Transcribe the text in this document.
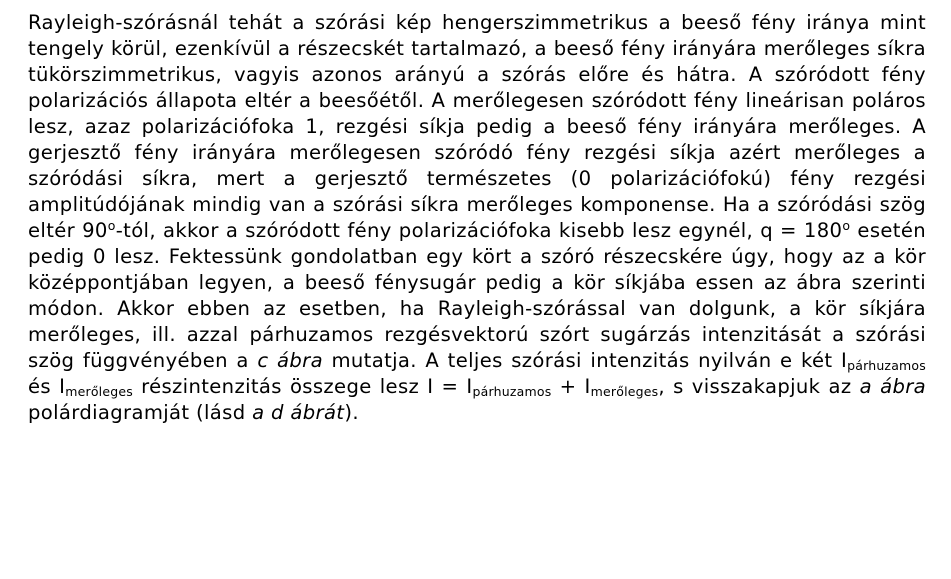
Rayleigh-szórásnál tehát a szórási kép hengerszimmetrikus a beeső fény iránya mint tengely körül, ezenkívül a részecskét tartalmazó, a beeső fény irányára merőleges síkra tükörszimmetrikus, vagyis azonos arányú a szórás előre és hátra. A szóródott fény polarizációs állapota eltér a beesőétől. A merőlegesen szóródott fény lineárisan poláros lesz, azaz polarizációfoka 1, rezgési síkja pedig a beeső fény irányára merőleges. A gerjesztő fény irányára merőlegesen szóródó fény rezgési síkja azért merőleges a szóródási síkra, mert a gerjesztő természetes (0 polarizációfokú) fény rezgési amplitúdójának mindig van a szórási síkra merőleges komponense. Ha a szóródási szög eltér 90$^o$-tól, akkor a szóródott fény polarizációfoka kisebb lesz egynél, $q = 180^o$ esetén pedig 0 lesz. Fektessünk gondolatban egy kört a szóró részecskére úgy, hogy az a kör középpontjában legyen, a beeső fénysugár pedig a kör síkjába essen az ábra szerinti módon. Akkor ebben az esetben, ha Rayleigh-szórással van dolgunk, a kör síkjára merőleges, ill. azzal párhuzamos rezgésvektorú szórt sugárzás intenzitását a szórási szög függvényében a c ábra mutatja. A teljes szórási intenzitás nyilván e két $I_{párhuzamos}$ és $I_{merőleges}$ részintenzitás összege lesz $I = I_{párhuzamos} + I_{merőleges}$, s visszakapjuk az a ábra polárdiagramját (lásd a d ábrát).
